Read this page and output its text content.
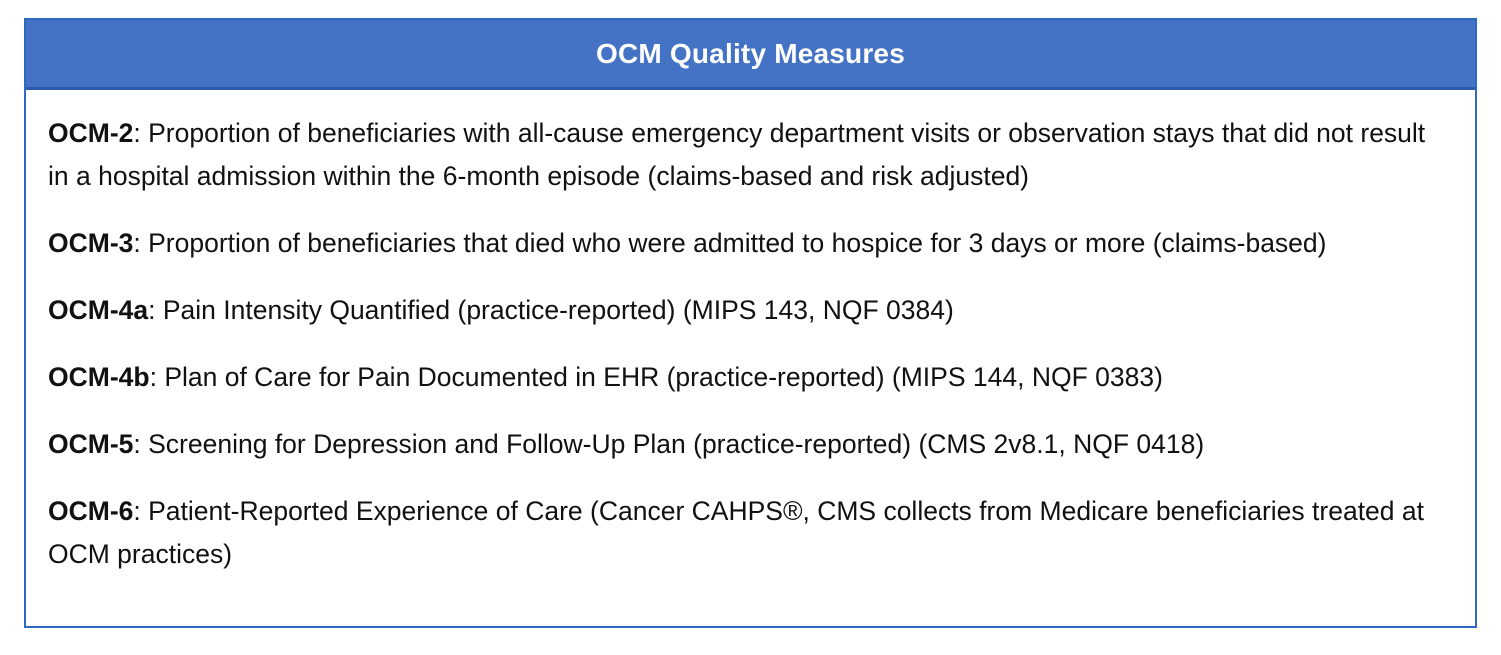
OCM Quality Measures

OCM-2: Proportion of beneficiaries with all-cause emergency department visits or observation stays that did not result in a hospital admission within the 6-month episode (claims-based and risk adjusted)

OCM-3: Proportion of beneficiaries that died who were admitted to hospice for 3 days or more (claims-based)

OCM-4a: Pain Intensity Quantified (practice-reported) (MIPS 143, NQF 0384)

OCM-4b: Plan of Care for Pain Documented in EHR (practice-reported) (MIPS 144, NQF 0383)

OCM-5: Screening for Depression and Follow-Up Plan (practice-reported) (CMS 2v8.1, NQF 0418)

OCM-6: Patient-Reported Experience of Care (Cancer CAHPS®, CMS collects from Medicare beneficiaries treated at OCM practices)
